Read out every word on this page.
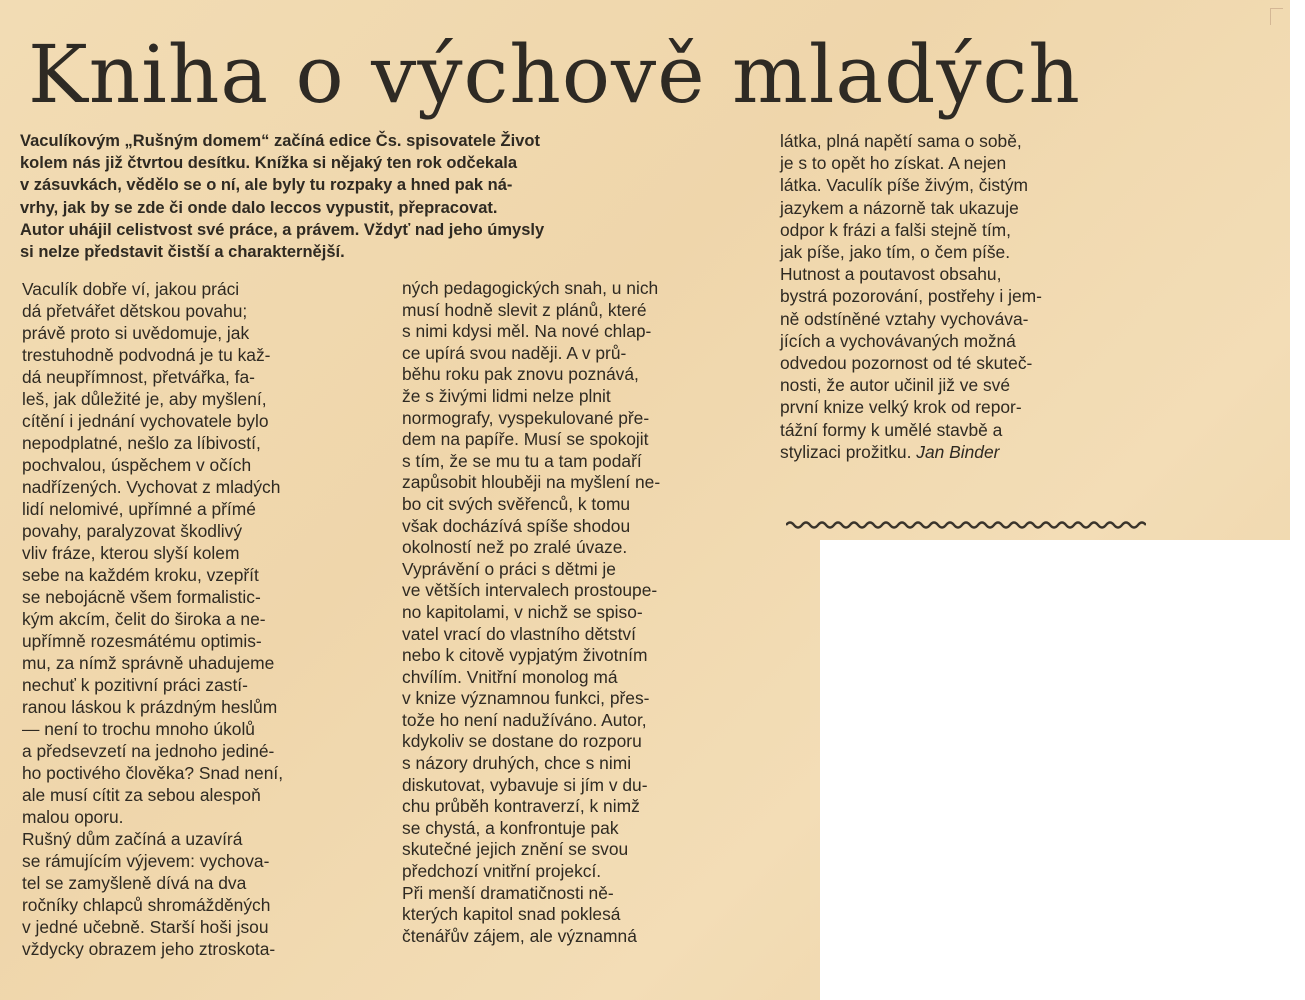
Kniha o výchově mladých
Vaculíkovým „Rušným domem“ začíná edice Čs. spisovatele Život
kolem nás již čtvrtou desítku. Knížka si nějaký ten rok odčekala
v zásuvkách, vědělo se o ní, ale byly tu rozpaky a hned pak ná-
vrhy, jak by se zde či onde dalo leccos vypustit, přepracovat.
Autor uhájil celistvost své práce, a právem. Vždyť nad jeho úmysly
si nelze představit čistší a charakternější.
Vaculík dobře ví, jakou práci
dá přetvářet dětskou povahu;
právě proto si uvědomuje, jak
trestuhodně podvodná je tu kaž-
dá neupřímnost, přetvářka, fa-
leš, jak důležité je, aby myšlení,
cítění i jednání vychovatele bylo
nepodplatné, nešlo za líbivostí,
pochvalou, úspěchem v očích
nadřízených. Vychovat z mladých
lidí nelomivé, upřímné a přímé
povahy, paralyzovat škodlivý
vliv fráze, kterou slyší kolem
sebe na každém kroku, vzepřít
se nebojácně všem formalistic-
kým akcím, čelit do široka a ne-
upřímně rozesmátému optimis-
mu, za nímž správně uhadujeme
nechuť k pozitivní práci zastí-
ranou láskou k prázdným heslům
— není to trochu mnoho úkolů
a předsevzetí na jednoho jediné-
ho poctivého člověka? Snad není,
ale musí cítit za sebou alespoň
malou oporu.
Rušný dům začíná a uzavírá
se rámujícím výjevem: vychova-
tel se zamyšleně dívá na dva
ročníky chlapců shromážděných
v jedné učebně. Starší hoši jsou
vždycky obrazem jeho ztroskota-
ných pedagogických snah, u nich
musí hodně slevit z plánů, které
s nimi kdysi měl. Na nové chlap-
ce upírá svou naději. A v prů-
běhu roku pak znovu poznává,
že s živými lidmi nelze plnit
normografy, vyspekulované pře-
dem na papíře. Musí se spokojit
s tím, že se mu tu a tam podaří
zapůsobit hlouběji na myšlení ne-
bo cit svých svěřenců, k tomu
však docházívá spíše shodou
okolností než po zralé úvaze.
Vyprávění o práci s dětmi je
ve větších intervalech prostoupe-
no kapitolami, v nichž se spiso-
vatel vrací do vlastního dětství
nebo k citově vypjatým životním
chvílím. Vnitřní monolog má
v knize významnou funkci, přes-
tože ho není nadužíváno. Autor,
kdykoliv se dostane do rozporu
s názory druhých, chce s nimi
diskutovat, vybavuje si jím v du-
chu průběh kontraverzí, k nimž
se chystá, a konfrontuje pak
skutečné jejich znění se svou
předchozí vnitřní projekcí.
Při menší dramatičnosti ně-
kterých kapitol snad poklesá
čtenářův zájem, ale významná
látka, plná napětí sama o sobě,
je s to opět ho získat. A nejen
látka. Vaculík píše živým, čistým
jazykem a názorně tak ukazuje
odpor k frázi a falši stejně tím,
jak píše, jako tím, o čem píše.
Hutnost a poutavost obsahu,
bystrá pozorování, postřehy i jem-
ně odstíněné vztahy vychováva-
jících a vychovávaných možná
odvedou pozornost od té skuteč-
nosti, že autor učinil již ve své
první knize velký krok od repor-
tážní formy k umělé stavbě a
stylizaci prožitku. Jan Binder
